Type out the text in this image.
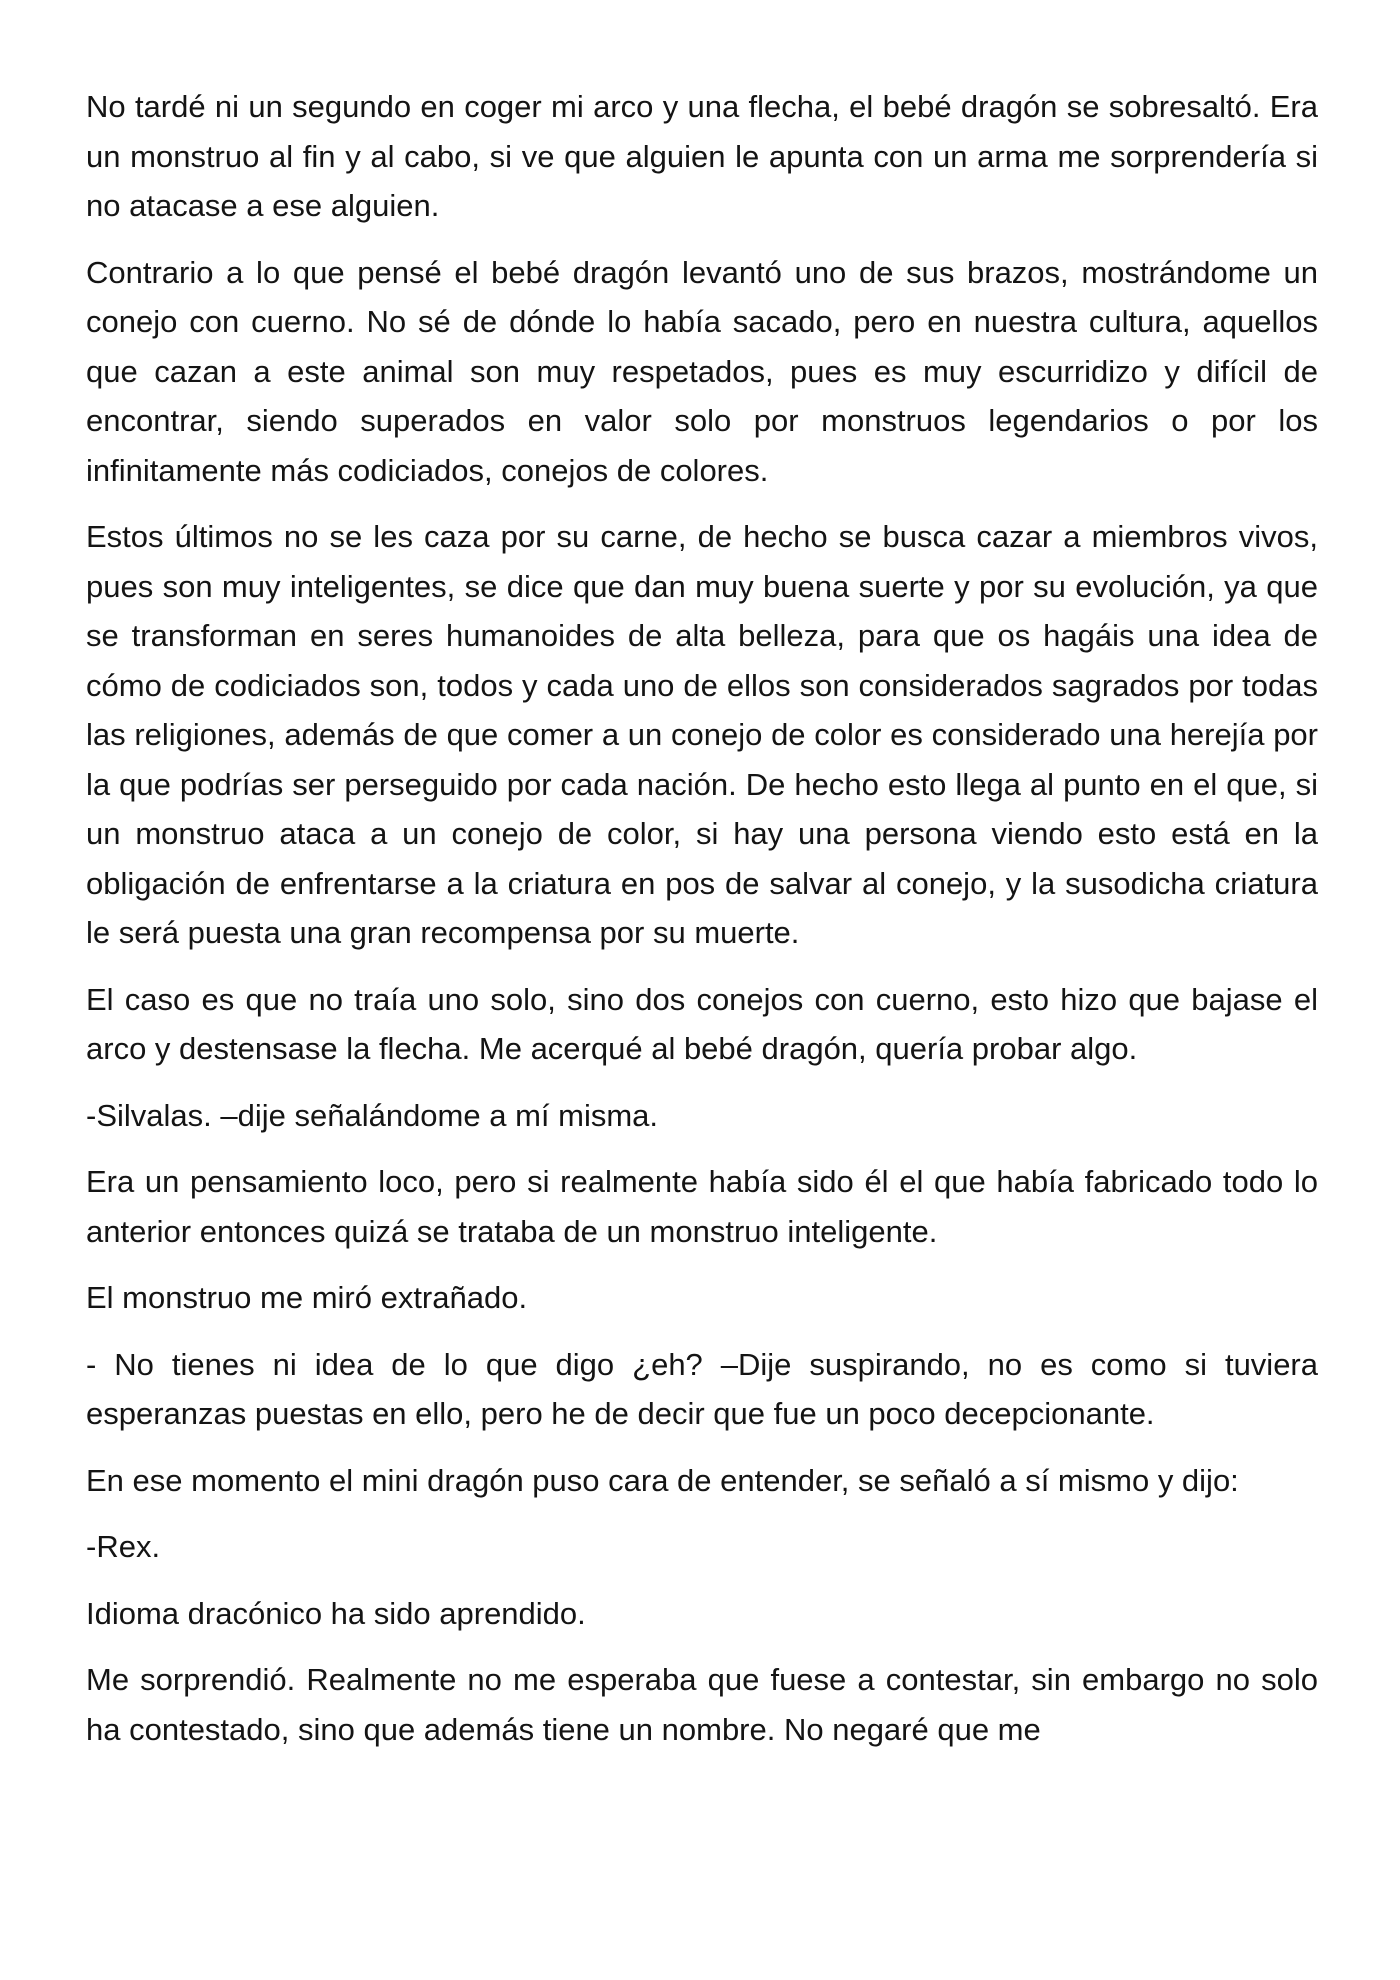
No tardé ni un segundo en coger mi arco y una flecha, el bebé dragón se sobresaltó. Era un monstruo al fin y al cabo, si ve que alguien le apunta con un arma me sorprendería si no atacase a ese alguien.

Contrario a lo que pensé el bebé dragón levantó uno de sus brazos, mostrándome un conejo con cuerno. No sé de dónde lo había sacado, pero en nuestra cultura, aquellos que cazan a este animal son muy respetados, pues es muy escurridizo y difícil de encontrar, siendo superados en valor solo por monstruos legendarios o por los infinitamente más codiciados, conejos de colores.

Estos últimos no se les caza por su carne, de hecho se busca cazar a miembros vivos, pues son muy inteligentes, se dice que dan muy buena suerte y por su evolución, ya que se transforman en seres humanoides de alta belleza, para que os hagáis una idea de cómo de codiciados son, todos y cada uno de ellos son considerados sagrados por todas las religiones, además de que comer a un conejo de color es considerado una herejía por la que podrías ser perseguido por cada nación. De hecho esto llega al punto en el que, si un monstruo ataca a un conejo de color, si hay una persona viendo esto está en la obligación de enfrentarse a la criatura en pos de salvar al conejo, y la susodicha criatura le será puesta una gran recompensa por su muerte.

El caso es que no traía uno solo, sino dos conejos con cuerno, esto hizo que bajase el arco y destensase la flecha. Me acerqué al bebé dragón, quería probar algo.

-Silvalas. –dije señalándome a mí misma.

Era un pensamiento loco, pero si realmente había sido él el que había fabricado todo lo anterior entonces quizá se trataba de un monstruo inteligente.

El monstruo me miró extrañado.

- No tienes ni idea de lo que digo ¿eh? –Dije suspirando, no es como si tuviera esperanzas puestas en ello, pero he de decir que fue un poco decepcionante.

En ese momento el mini dragón puso cara de entender, se señaló a sí mismo y dijo:

-Rex.

Idioma dracónico ha sido aprendido.

Me sorprendió. Realmente no me esperaba que fuese a contestar, sin embargo no solo ha contestado, sino que además tiene un nombre. No negaré que me
